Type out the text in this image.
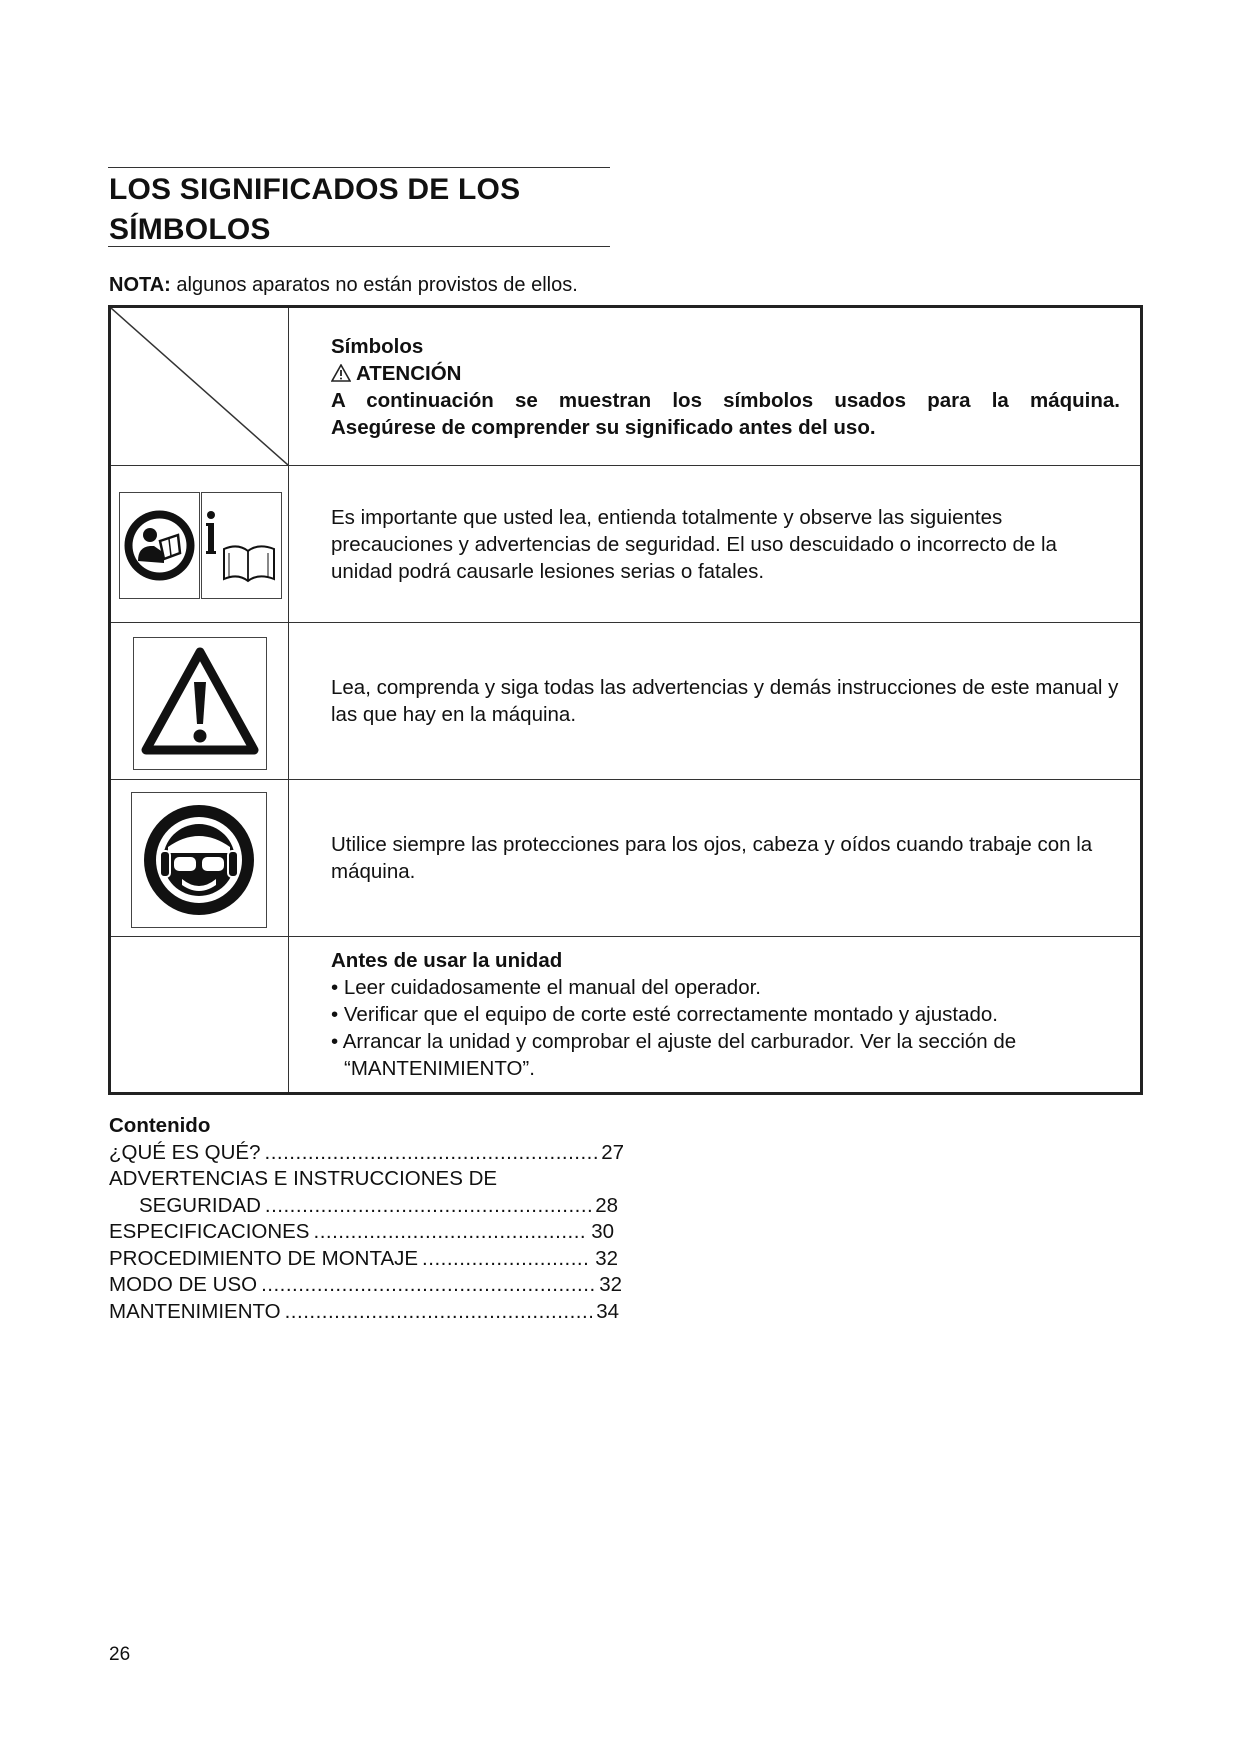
LOS SIGNIFICADOS DE LOS
SÍMBOLOS
NOTA: algunos aparatos no están provistos de ellos.

Símbolos
ATENCIÓN
A continuación se muestran los símbolos usados para la máquina.
Asegúrese de comprender su significado antes del uso.

	Es importante que usted lea, entienda totalmente y observe las siguientes precauciones y advertencias de seguridad. El uso descuidado o incorrecto de la unidad podrá causarle lesiones serias o fatales.

	Lea, comprenda y siga todas las advertencias y demás instrucciones de este manual y las que hay en la máquina.

	Utilice siempre las protecciones para los ojos, cabeza y oídos cuando trabaje con la máquina.

	Antes de usar la unidad
• Leer cuidadosamente el manual del operador.
• Verificar que el equipo de corte esté correctamente montado y ajustado.
• Arrancar la unidad y comprobar el ajuste del carburador. Ver la sección de
“MANTENIMIENTO”.
Contenido
¿QUÉ ES QUÉ? .....	27
ADVERTENCIAS E INSTRUCCIONES DE
SEGURIDAD .....	28
ESPECIFICACIONES .....	30
PROCEDIMIENTO DE MONTAJE .....	32
MODO DE USO .....	32
MANTENIMIENTO .....	34
26
